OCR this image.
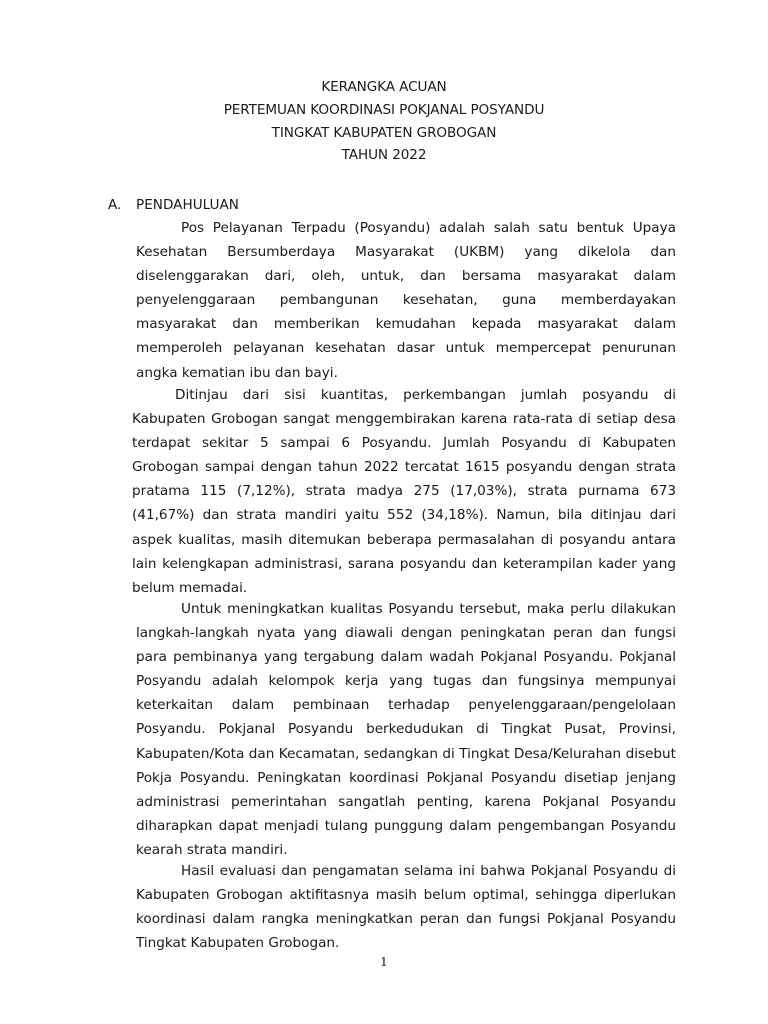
KERANGKA ACUAN
PERTEMUAN KOORDINASI POKJANAL POSYANDU
TINGKAT KABUPATEN GROBOGAN
TAHUN 2022
A. PENDAHULUAN

Pos Pelayanan Terpadu (Posyandu) adalah salah satu bentuk Upaya Kesehatan Bersumberdaya Masyarakat (UKBM) yang dikelola dan diselenggarakan dari, oleh, untuk, dan bersama masyarakat dalam penyelenggaraan pembangunan kesehatan, guna memberdayakan masyarakat dan memberikan kemudahan kepada masyarakat dalam memperoleh pelayanan kesehatan dasar untuk mempercepat penurunan angka kematian ibu dan bayi.

Ditinjau dari sisi kuantitas, perkembangan jumlah posyandu di Kabupaten Grobogan sangat menggembirakan karena rata-rata di setiap desa terdapat sekitar 5 sampai 6 Posyandu. Jumlah Posyandu di Kabupaten Grobogan sampai dengan tahun 2022 tercatat 1615 posyandu dengan strata pratama 115 (7,12%), strata madya 275 (17,03%), strata purnama 673 (41,67%) dan strata mandiri yaitu 552 (34,18%). Namun, bila ditinjau dari aspek kualitas, masih ditemukan beberapa permasalahan di posyandu antara lain kelengkapan administrasi, sarana posyandu dan keterampilan kader yang belum memadai.

Untuk meningkatkan kualitas Posyandu tersebut, maka perlu dilakukan langkah-langkah nyata yang diawali dengan peningkatan peran dan fungsi para pembinanya yang tergabung dalam wadah Pokjanal Posyandu. Pokjanal Posyandu adalah kelompok kerja yang tugas dan fungsinya mempunyai keterkaitan dalam pembinaan terhadap penyelenggaraan/pengelolaan Posyandu. Pokjanal Posyandu berkedudukan di Tingkat Pusat, Provinsi, Kabupaten/Kota dan Kecamatan, sedangkan di Tingkat Desa/Kelurahan disebut Pokja Posyandu. Peningkatan koordinasi Pokjanal Posyandu disetiap jenjang administrasi pemerintahan sangatlah penting, karena Pokjanal Posyandu diharapkan dapat menjadi tulang punggung dalam pengembangan Posyandu kearah strata mandiri.

Hasil evaluasi dan pengamatan selama ini bahwa Pokjanal Posyandu di Kabupaten Grobogan aktifitasnya masih belum optimal, sehingga diperlukan koordinasi dalam rangka meningkatkan peran dan fungsi Pokjanal Posyandu Tingkat Kabupaten Grobogan.

1
